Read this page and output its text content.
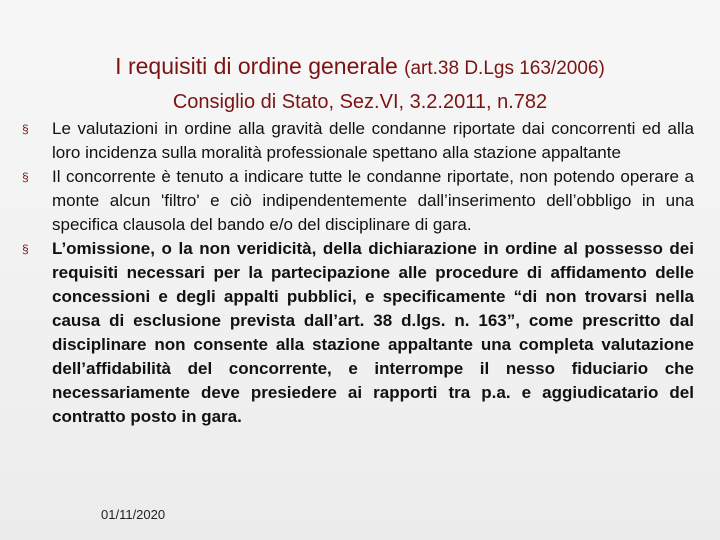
I requisiti di ordine generale (art.38 D.Lgs 163/2006)
Consiglio di Stato, Sez.VI, 3.2.2011, n.782
§	Le valutazioni in ordine alla gravità delle condanne riportate dai concorrenti ed alla loro incidenza sulla moralità professionale spettano alla stazione appaltante
§	Il concorrente è tenuto a indicare tutte le condanne riportate, non potendo operare a monte alcun 'filtro' e ciò indipendentemente dall’inserimento dell’obbligo in una specifica clausola del bando e/o del disciplinare di gara.
§	L’omissione, o la non veridicità, della dichiarazione in ordine al possesso dei requisiti necessari per la partecipazione alle procedure di affidamento delle concessioni e degli appalti pubblici, e specificamente “di non trovarsi nella causa di esclusione prevista dall’art. 38 d.lgs. n. 163”, come prescritto dal disciplinare non consente alla stazione appaltante una completa valutazione dell’affidabilità del concorrente, e interrompe il nesso fiduciario che necessariamente deve presiedere ai rapporti tra p.a. e aggiudicatario del contratto posto in gara.
01/11/2020
